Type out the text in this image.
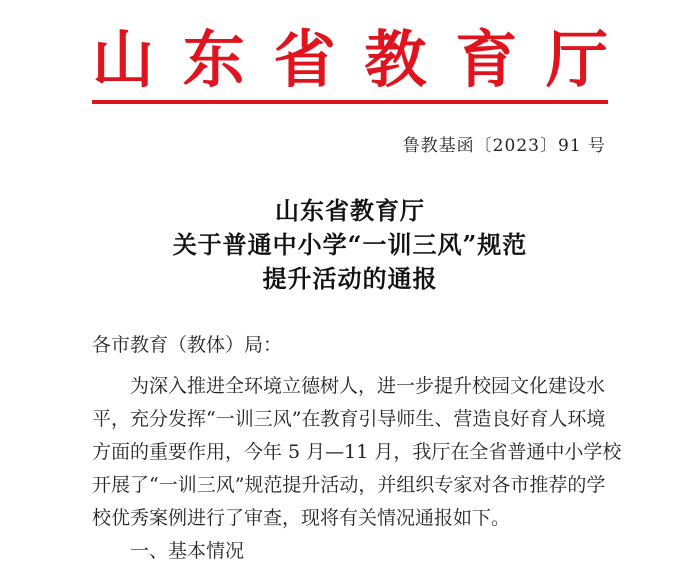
山 东 省 教 育 厅
鲁教基函〔2023〕91 号
山东省教育厅
关于普通中小学“一训三风”规范
提升活动的通报
各市教育（教体）局：
为深入推进全环境立德树人，进一步提升校园文化建设水
平，充分发挥“一训三风”在教育引导师生、营造良好育人环境
方面的重要作用，今年 5 月—11 月，我厅在全省普通中小学校
开展了“一训三风”规范提升活动，并组织专家对各市推荐的学
校优秀案例进行了审查，现将有关情况通报如下。
一、基本情况
